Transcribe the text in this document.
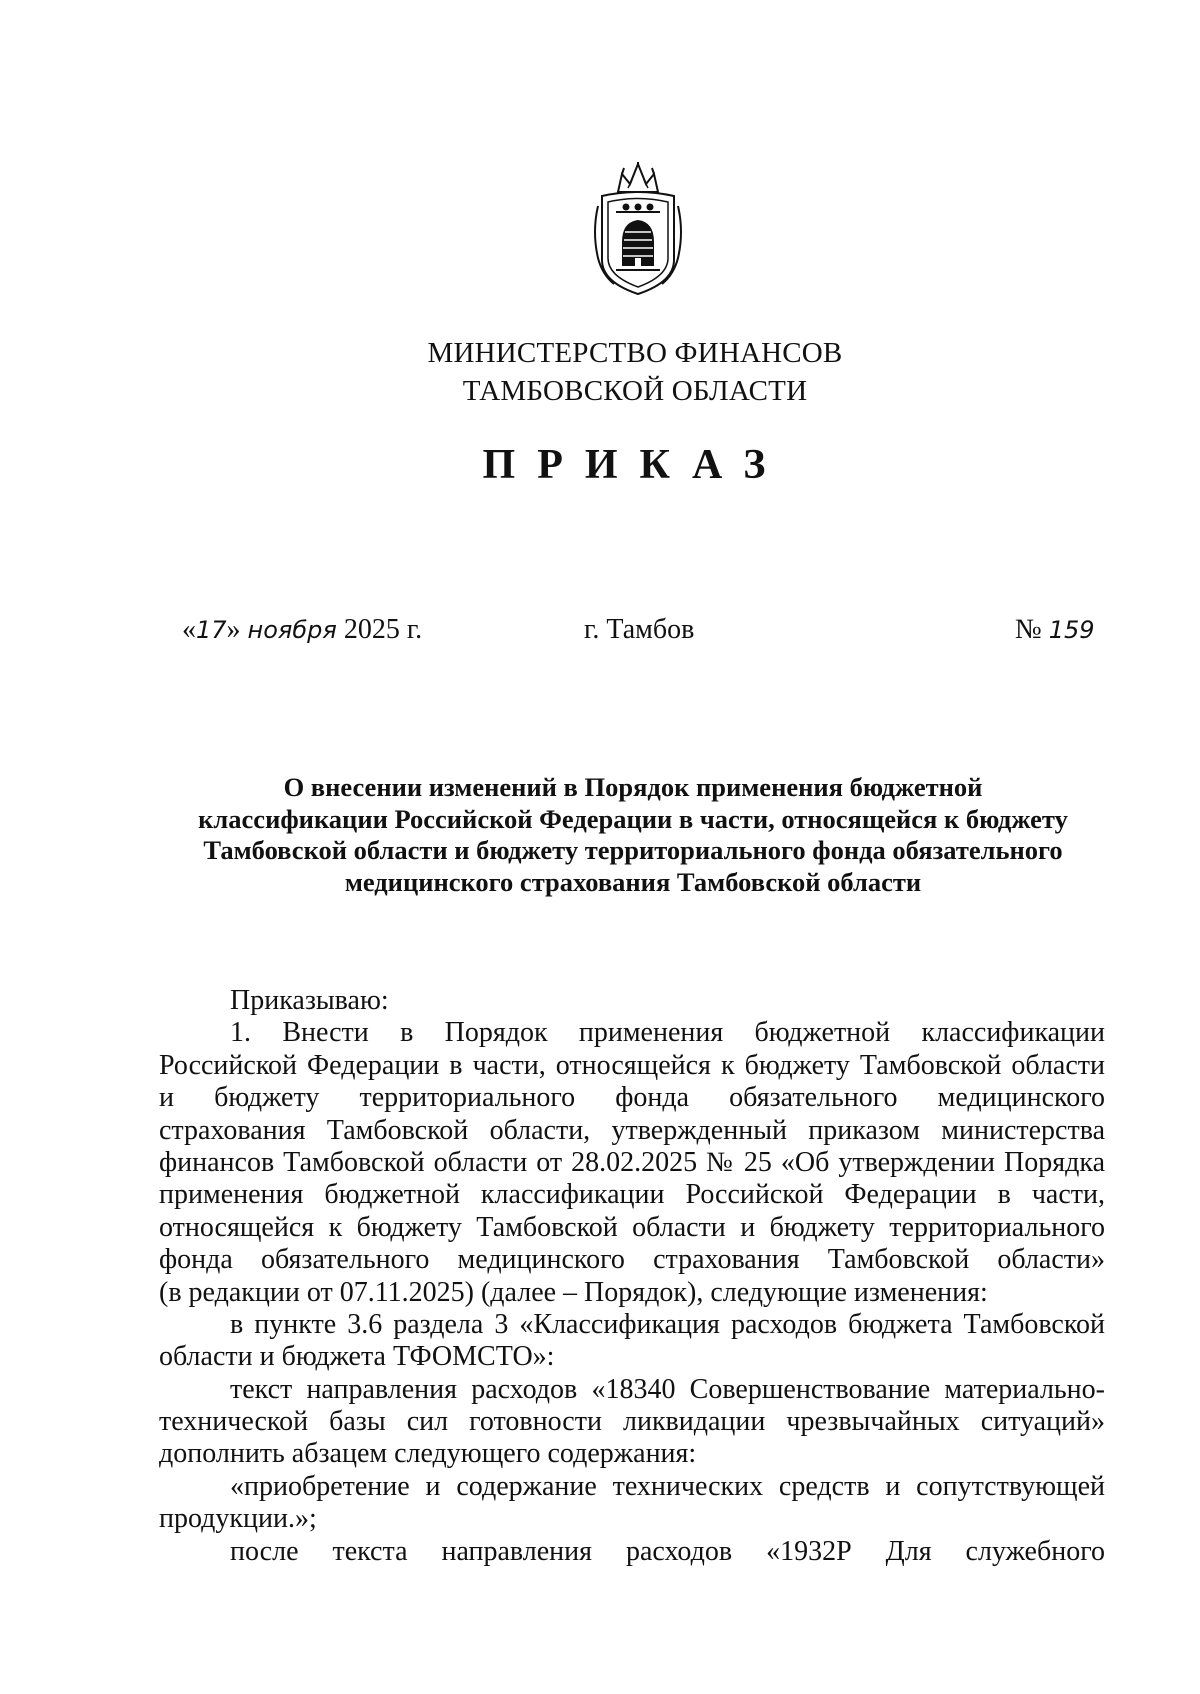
МИНИСТЕРСТВО ФИНАНСОВ
ТАМБОВСКОЙ ОБЛАСТИ
ПРИКАЗ
«17» ноября 2025 г.	г. Тамбов	№ 159
О внесении изменений в Порядок применения бюджетной
классификации Российской Федерации в части, относящейся к бюджету
Тамбовской области и бюджету территориального фонда обязательного
медицинского страхования Тамбовской области
Приказываю:
1. Внести в Порядок применения бюджетной классификации
Российской Федерации в части, относящейся к бюджету Тамбовской области
и бюджету территориального фонда обязательного медицинского
страхования Тамбовской области, утвержденный приказом министерства
финансов Тамбовской области от 28.02.2025 № 25 «Об утверждении Порядка
применения бюджетной классификации Российской Федерации в части,
относящейся к бюджету Тамбовской области и бюджету территориального
фонда обязательного медицинского страхования Тамбовской области»
(в редакции от 07.11.2025) (далее – Порядок), следующие изменения:
в пункте 3.6 раздела 3 «Классификация расходов бюджета Тамбовской
области и бюджета ТФОМСТО»:
текст направления расходов «18340 Совершенствование материально-
технической базы сил готовности ликвидации чрезвычайных ситуаций»
дополнить абзацем следующего содержания:
«приобретение и содержание технических средств и сопутствующей
продукции.»;
после текста направления расходов «1932Р Для служебного
